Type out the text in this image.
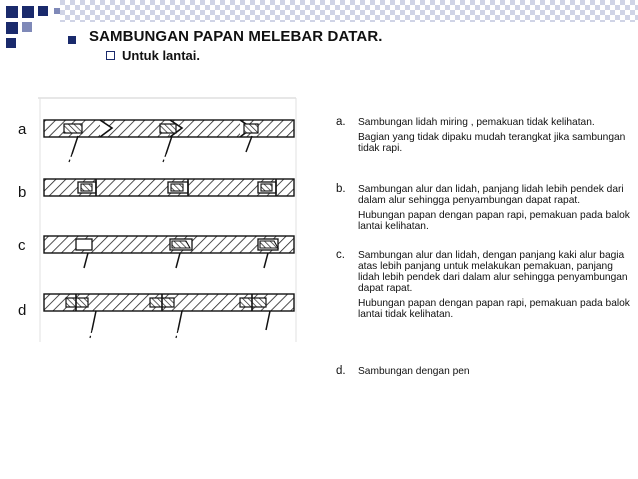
SAMBUNGAN PAPAN MELEBAR DATAR.
Untuk lantai.
a
b
c
d
a. Sambungan lidah miring , pemakuan tidak kelihatan.
Bagian yang tidak dipaku mudah terangkat jika sambungan tidak rapi.
b. Sambungan alur dan lidah, panjang lidah lebih pendek dari dalam alur sehingga penyambungan dapat rapat.
Hubungan papan dengan papan rapi, pemakuan pada balok lantai kelihatan.
c. Sambungan alur dan lidah, dengan panjang kaki alur bagia atas lebih panjang untuk melakukan pemakuan, panjang lidah lebih pendek dari dalam alur sehingga penyambungan dapat rapat.
Hubungan papan dengan papan rapi, pemakuan pada balok lantai tidak kelihatan.
d. Sambungan dengan pen
